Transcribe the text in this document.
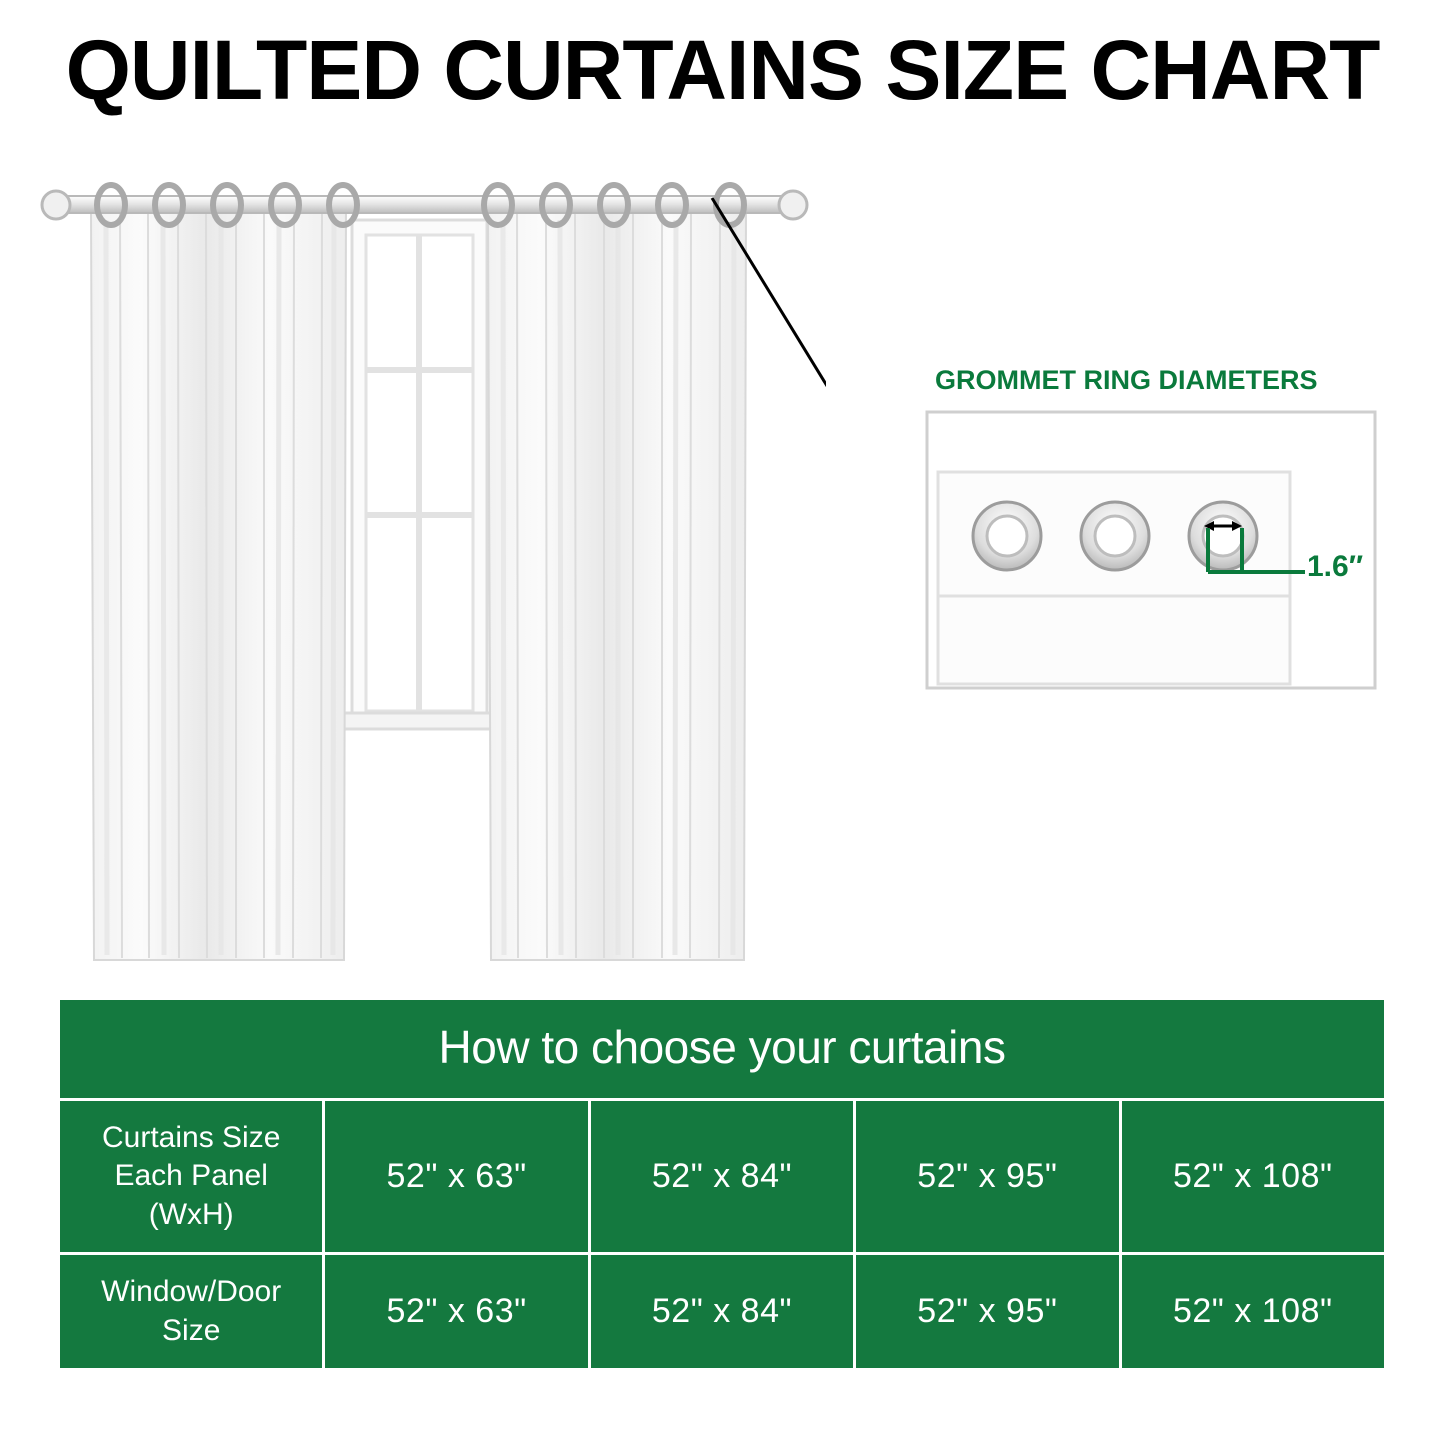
QUILTED CURTAINS SIZE CHART
GROMMET RING DIAMETERS
1.6″
How to choose your curtains				
Curtains Size Each Panel (WxH)	52" x 63"	52" x 84"	52" x 95"	52" x 108"
Window/Door Size	52" x 63"	52" x 84"	52" x 95"	52" x 108"
